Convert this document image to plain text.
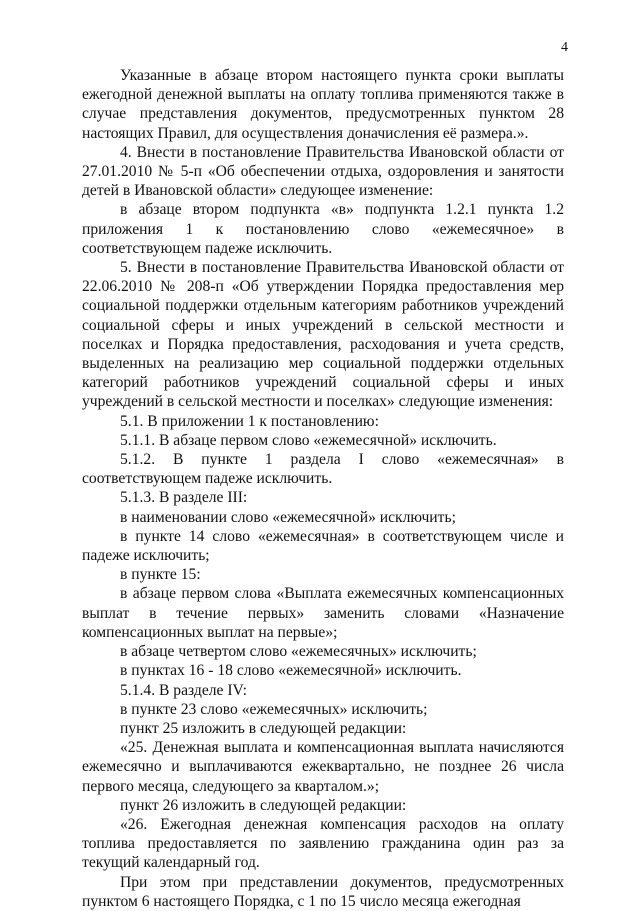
4

Указанные в абзаце втором настоящего пункта сроки выплаты ежегодной денежной выплаты на оплату топлива применяются также в случае представления документов, предусмотренных пунктом 28 настоящих Правил, для осуществления доначисления её размера.».

4. Внести в постановление Правительства Ивановской области от 27.01.2010 № 5-п «Об обеспечении отдыха, оздоровления и занятости детей в Ивановской области» следующее изменение:

в абзаце втором подпункта «в» подпункта 1.2.1 пункта 1.2 приложения 1 к постановлению слово «ежемесячное» в соответствующем падеже исключить.

5. Внести в постановление Правительства Ивановской области от 22.06.2010 № 208-п «Об утверждении Порядка предоставления мер социальной поддержки отдельным категориям работников учреждений социальной сферы и иных учреждений в сельской местности и поселках и Порядка предоставления, расходования и учета средств, выделенных на реализацию мер социальной поддержки отдельных категорий работников учреждений социальной сферы и иных учреждений в сельской местности и поселках» следующие изменения:

5.1. В приложении 1 к постановлению:

5.1.1. В абзаце первом слово «ежемесячной» исключить.

5.1.2. В пункте 1 раздела I слово «ежемесячная» в соответствующем падеже исключить.

5.1.3. В разделе III:

в наименовании слово «ежемесячной» исключить;

в пункте 14 слово «ежемесячная» в соответствующем числе и падеже исключить;

в пункте 15:

в абзаце первом слова «Выплата ежемесячных компенсационных выплат в течение первых» заменить словами «Назначение компенсационных выплат на первые»;

в абзаце четвертом слово «ежемесячных» исключить;

в пунктах 16 - 18 слово «ежемесячной» исключить.

5.1.4. В разделе IV:

в пункте 23 слово «ежемесячных» исключить;

пункт 25 изложить в следующей редакции:

«25. Денежная выплата и компенсационная выплата начисляются ежемесячно и выплачиваются ежеквартально, не позднее 26 числа первого месяца, следующего за кварталом.»;

пункт 26 изложить в следующей редакции:

«26. Ежегодная денежная компенсация расходов на оплату топлива предоставляется по заявлению гражданина один раз за текущий календарный год.

При этом при представлении документов, предусмотренных пунктом 6 настоящего Порядка, с 1 по 15 число месяца ежегодная
